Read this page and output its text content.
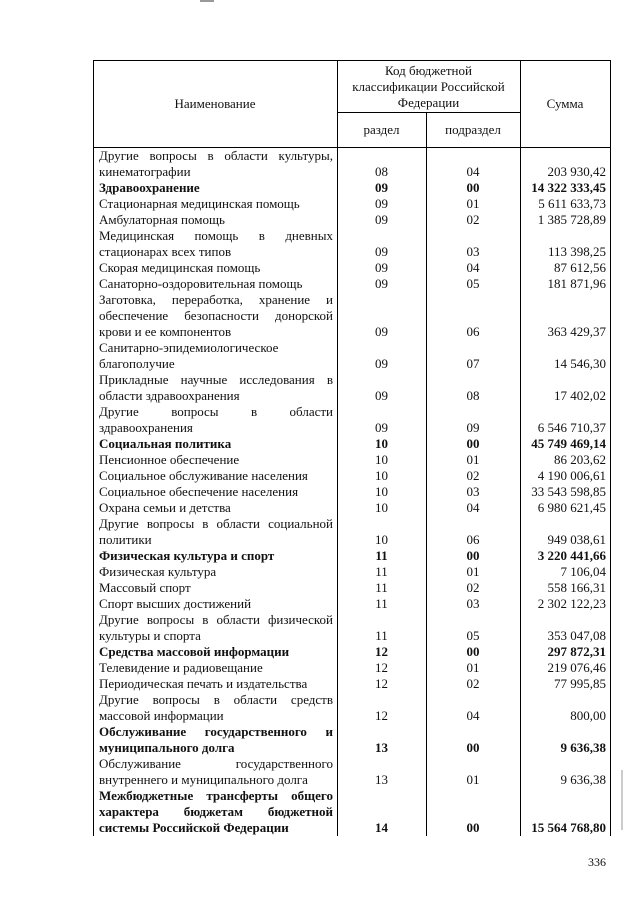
Наименование
Код бюджетной классификации Российской Федерации
раздел	подраздел
Сумма
Другие вопросы в области культуры, кинематографии	08	04	203 930,42
Здравоохранение	09	00	14 322 333,45
Стационарная медицинская помощь	09	01	5 611 633,73
Амбулаторная помощь	09	02	1 385 728,89
Медицинская помощь в дневных стационарах всех типов	09	03	113 398,25
Скорая медицинская помощь	09	04	87 612,56
Санаторно-оздоровительная помощь	09	05	181 871,96
Заготовка, переработка, хранение и обеспечение безопасности донорской крови и ее компонентов	09	06	363 429,37
Санитарно-эпидемиологическое благополучие	09	07	14 546,30
Прикладные научные исследования в области здравоохранения	09	08	17 402,02
Другие вопросы в области здравоохранения	09	09	6 546 710,37
Социальная политика	10	00	45 749 469,14
Пенсионное обеспечение	10	01	86 203,62
Социальное обслуживание населения	10	02	4 190 006,61
Социальное обеспечение населения	10	03	33 543 598,85
Охрана семьи и детства	10	04	6 980 621,45
Другие вопросы в области социальной политики	10	06	949 038,61
Физическая культура и спорт	11	00	3 220 441,66
Физическая культура	11	01	7 106,04
Массовый спорт	11	02	558 166,31
Спорт высших достижений	11	03	2 302 122,23
Другие вопросы в области физической культуры и спорта	11	05	353 047,08
Средства массовой информации	12	00	297 872,31
Телевидение и радиовещание	12	01	219 076,46
Периодическая печать и издательства	12	02	77 995,85
Другие вопросы в области средств массовой информации	12	04	800,00
Обслуживание государственного и муниципального долга	13	00	9 636,38
Обслуживание государственного внутреннего и муниципального долга	13	01	9 636,38
Межбюджетные трансферты общего характера бюджетам бюджетной системы Российской Федерации	14	00	15 564 768,80
336
